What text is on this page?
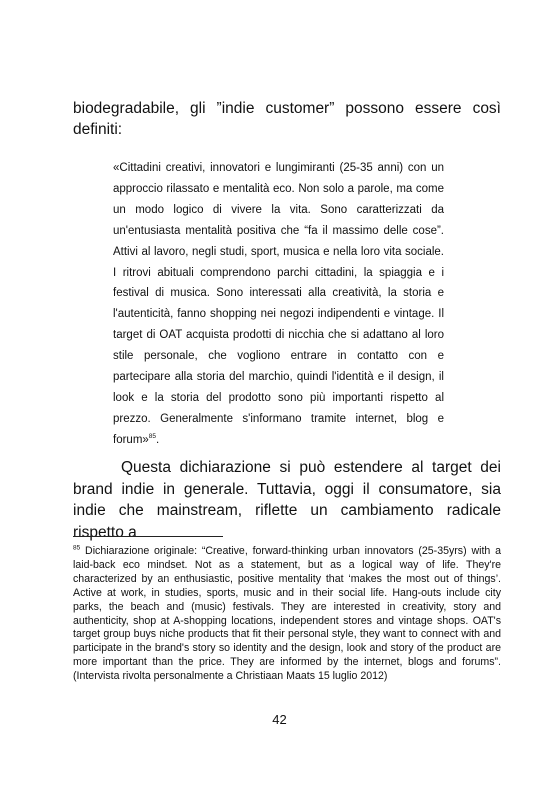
biodegradabile, gli ”indie customer” possono essere così definiti:

«Cittadini creativi, innovatori e lungimiranti (25-35 anni) con un approccio rilassato e mentalità eco. Non solo a parole, ma come un modo logico di vivere la vita. Sono caratterizzati da un'entusiasta mentalità positiva che “fa il massimo delle cose”. Attivi al lavoro, negli studi, sport, musica e nella loro vita sociale. I ritrovi abituali comprendono parchi cittadini, la spiaggia e i festival di musica. Sono interessati alla creatività, la storia e l'autenticità, fanno shopping nei negozi indipendenti e vintage. Il target di OAT acquista prodotti di nicchia che si adattano al loro stile personale, che vogliono entrare in contatto con e partecipare alla storia del marchio, quindi l'identità e il design, il look e la storia del prodotto sono più importanti rispetto al prezzo. Generalmente s'informano tramite internet, blog e forum»$^{85}$.

Questa dichiarazione si può estendere al target dei brand indie in generale. Tuttavia, oggi il consumatore, sia indie che mainstream, riflette un cambiamento radicale rispetto a

$^{85}$ Dichiarazione originale: “Creative, forward-thinking urban innovators (25-35yrs) with a laid-back eco mindset. Not as a statement, but as a logical way of life. They're characterized by an enthusiastic, positive mentality that ‘makes the most out of things’. Active at work, in studies, sports, music and in their social life. Hang-outs include city parks, the beach and (music) festivals. They are interested in creativity, story and authenticity, shop at A-shopping locations, independent stores and vintage shops. OAT's target group buys niche products that fit their personal style, they want to connect with and participate in the brand's story so identity and the design, look and story of the product are more important than the price. They are informed by the internet, blogs and forums”. (Intervista rivolta personalmente a Christiaan Maats 15 luglio 2012)

42
